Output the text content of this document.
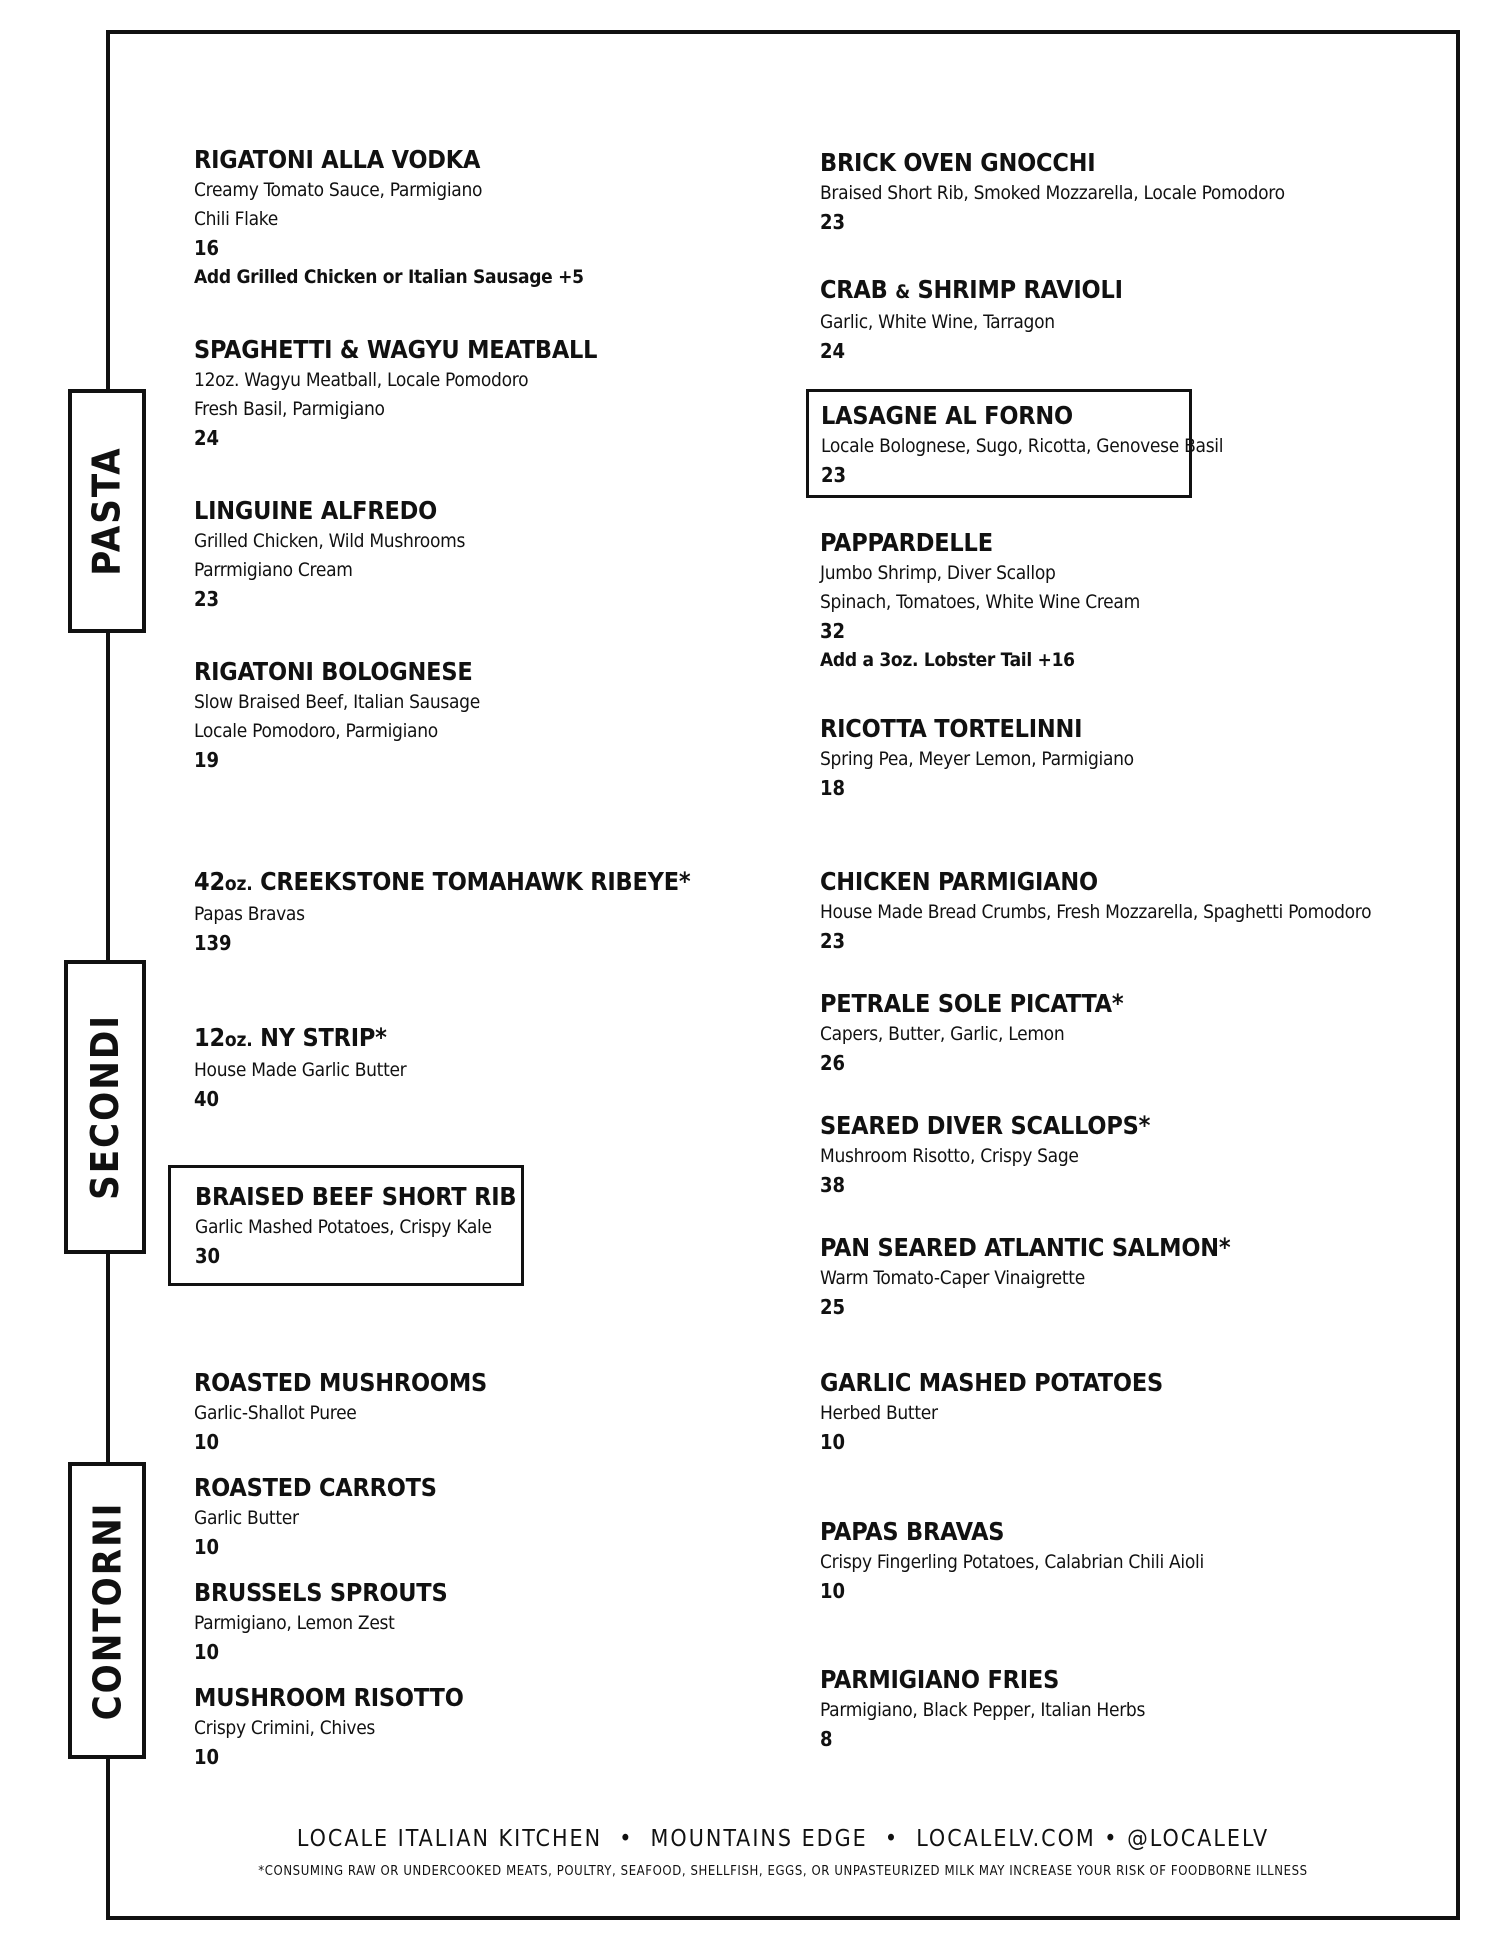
PASTA
SECONDI
CONTORNI
RIGATONI ALLA VODKA
Creamy Tomato Sauce, Parmigiano
Chili Flake
16
Add Grilled Chicken or Italian Sausage +5
SPAGHETTI & WAGYU MEATBALL
12oz. Wagyu Meatball, Locale Pomodoro
Fresh Basil, Parmigiano
24
LINGUINE ALFREDO
Grilled Chicken, Wild Mushrooms
Parrmigiano Cream
23
RIGATONI BOLOGNESE
Slow Braised Beef, Italian Sausage
Locale Pomodoro, Parmigiano
19
BRICK OVEN GNOCCHI
Braised Short Rib, Smoked Mozzarella, Locale Pomodoro
23
CRAB & SHRIMP RAVIOLI
Garlic, White Wine, Tarragon
24
LASAGNE AL FORNO
Locale Bolognese, Sugo, Ricotta, Genovese Basil
23
PAPPARDELLE
Jumbo Shrimp, Diver Scallop
Spinach, Tomatoes, White Wine Cream
32
Add a 3oz. Lobster Tail +16
RICOTTA TORTELINNI
Spring Pea, Meyer Lemon, Parmigiano
18
42oz. CREEKSTONE TOMAHAWK RIBEYE*
Papas Bravas
139
12oz. NY STRIP*
House Made Garlic Butter
40
BRAISED BEEF SHORT RIB
Garlic Mashed Potatoes, Crispy Kale
30
CHICKEN PARMIGIANO
House Made Bread Crumbs, Fresh Mozzarella, Spaghetti Pomodoro
23
PETRALE SOLE PICATTA*
Capers, Butter, Garlic, Lemon
26
SEARED DIVER SCALLOPS*
Mushroom Risotto, Crispy Sage
38
PAN SEARED ATLANTIC SALMON*
Warm Tomato-Caper Vinaigrette
25
ROASTED MUSHROOMS
Garlic-Shallot Puree
10
ROASTED CARROTS
Garlic Butter
10
BRUSSELS SPROUTS
Parmigiano, Lemon Zest
10
MUSHROOM RISOTTO
Crispy Crimini, Chives
10
GARLIC MASHED POTATOES
Herbed Butter
10
PAPAS BRAVAS
Crispy Fingerling Potatoes, Calabrian Chili Aioli
10
PARMIGIANO FRIES
Parmigiano, Black Pepper, Italian Herbs
8
LOCALE ITALIAN KITCHEN  •  MOUNTAINS EDGE  •  LOCALELV.COM • @LOCALELV
*CONSUMING RAW OR UNDERCOOKED MEATS, POULTRY, SEAFOOD, SHELLFISH, EGGS, OR UNPASTEURIZED MILK MAY INCREASE YOUR RISK OF FOODBORNE ILLNESS
